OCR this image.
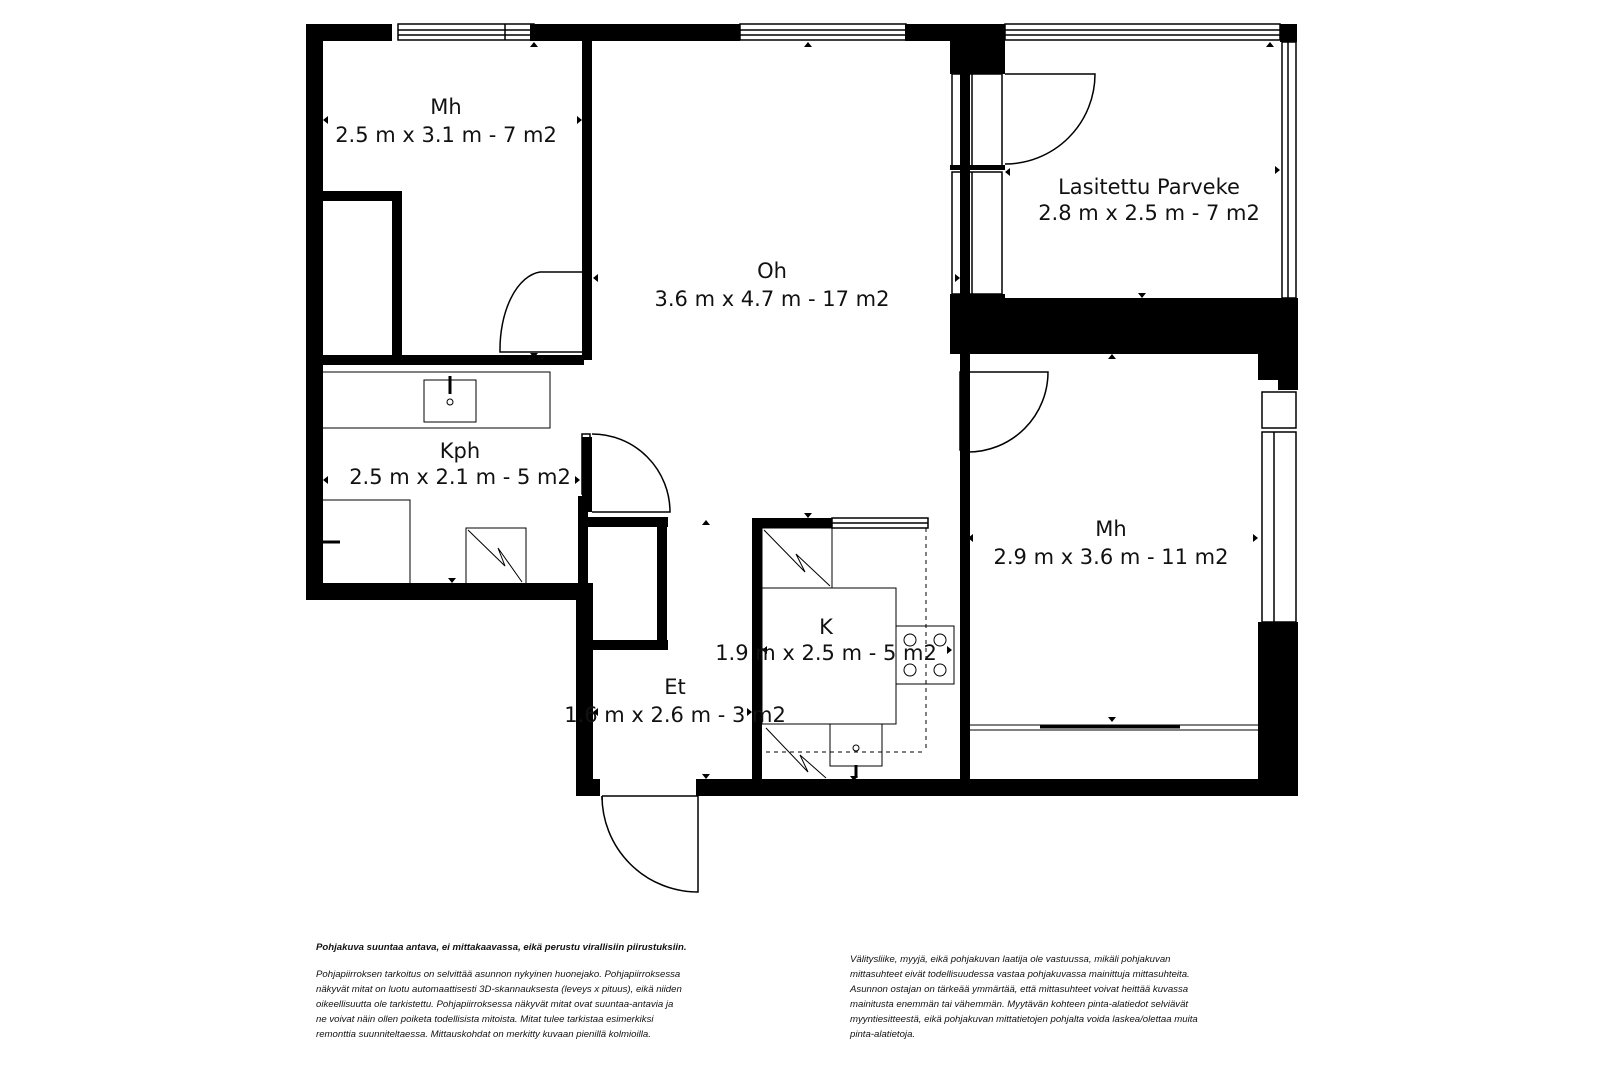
Mh
2.5 m x 3.1 m - 7 m2
Oh
3.6 m x 4.7 m - 17 m2
Lasitettu Parveke
2.8 m x 2.5 m - 7 m2
Kph
2.5 m x 2.1 m - 5 m2
Mh
2.9 m x 3.6 m - 11 m2
K
1.9 m x 2.5 m - 5 m2
Et
1.6 m x 2.6 m - 3 m2

Pohjakuva suuntaa antava, ei mittakaavassa, eikä perustu virallisiin piirustuksiin.

Pohjapiirroksen tarkoitus on selvittää asunnon nykyinen huonejako. Pohjapiirroksessa

näkyvät mitat on luotu automaattisesti 3D-skannauksesta (leveys x pituus), eikä niiden

oikeellisuutta ole tarkistettu. Pohjapiirroksessa näkyvät mitat ovat suuntaa-antavia ja

ne voivat näin ollen poiketa todellisista mitoista. Mitat tulee tarkistaa esimerkiksi

remonttia suunniteltaessa. Mittauskohdat on merkitty kuvaan pienillä kolmioilla.

Välitysliike, myyjä, eikä pohjakuvan laatija ole vastuussa, mikäli pohjakuvan

mittasuhteet eivät todellisuudessa vastaa pohjakuvassa mainittuja mittasuhteita.

Asunnon ostajan on tärkeää ymmärtää, että mittasuhteet voivat heittää kuvassa

mainitusta enemmän tai vähemmän. Myytävän kohteen pinta-alatiedot selviävät

myyntiesitteestä, eikä pohjakuvan mittatietojen pohjalta voida laskea/olettaa muita

pinta-alatietoja.
